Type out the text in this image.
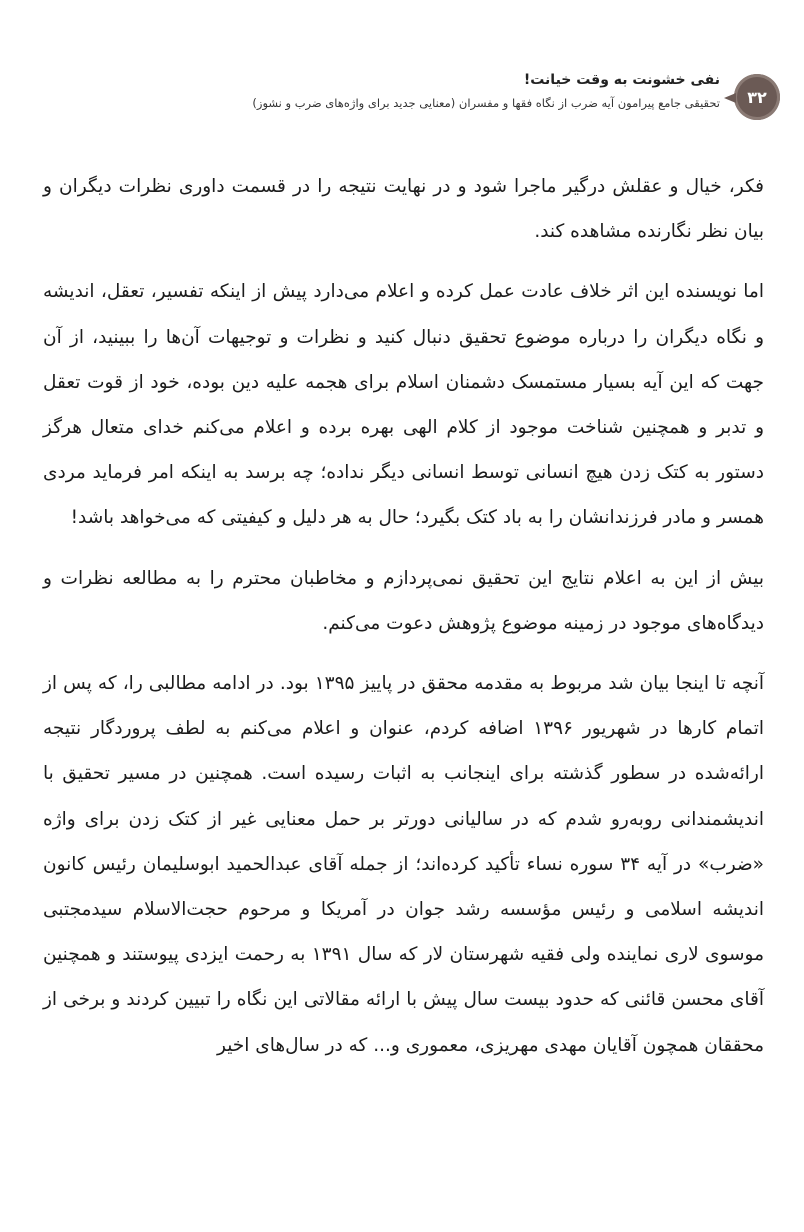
۳۲
نفی خشونت به وقت خیانت!
تحقیقی جامع پیرامون آیه ضرب از نگاه فقها و مفسران (معنایی جدید برای واژه‌های ضرب و نشوز)

فکر، خیال و عقلش درگیر ماجرا شود و در نهایت نتیجه را در قسمت داوری نظرات دیگران و بیان نظر نگارنده مشاهده کند.

اما نویسنده این اثر خلاف عادت عمل کرده و اعلام می‌دارد پیش از اینکه تفسیر، تعقل، اندیشه و نگاه دیگران را درباره موضوع تحقیق دنبال کنید و نظرات و توجیهات آن‌ها را ببینید، از آن جهت که این آیه بسیار مستمسک دشمنان اسلام برای هجمه علیه دین بوده، خود از قوت تعقل و تدبر و همچنین شناخت موجود از کلام الهی بهره برده و اعلام می‌کنم خدای متعال هرگز دستور به کتک زدن هیچ انسانی توسط انسانی دیگر نداده؛ چه برسد به اینکه امر فرماید مردی همسر و مادر فرزندانشان را به باد کتک بگیرد؛ حال به هر دلیل و کیفیتی که می‌خواهد باشد!

بیش از این به اعلام نتایج این تحقیق نمی‌پردازم و مخاطبان محترم را به مطالعه نظرات و دیدگاه‌های موجود در زمینه موضوع پژوهش دعوت می‌کنم.

آنچه تا اینجا بیان شد مربوط به مقدمه محقق در پاییز ۱۳۹۵ بود. در ادامه مطالبی را، که پس از اتمام کارها در شهریور ۱۳۹۶ اضافه کردم، عنوان و اعلام می‌کنم به لطف پروردگار نتیجه ارائه‌شده در سطور گذشته برای اینجانب به اثبات رسیده است. همچنین در مسیر تحقیق با اندیشمندانی روبه‌رو شدم که در سالیانی دورتر بر حمل معنایی غیر از کتک زدن برای واژه «ضرب» در آیه ۳۴ سوره نساء تأکید کرده‌اند؛ از جمله آقای عبدالحمید ابوسلیمان رئیس کانون اندیشه اسلامی و رئیس مؤسسه رشد جوان در آمریکا و مرحوم حجت‌الاسلام سیدمجتبی موسوی لاری نماینده ولی فقیه شهرستان لار که سال ۱۳۹۱ به رحمت ایزدی پیوستند و همچنین آقای محسن قائنی که حدود بیست سال پیش با ارائه مقالاتی این نگاه را تبیین کردند و برخی از محققان همچون آقایان مهدی مهریزی، معموری و... که در سال‌های اخیر
